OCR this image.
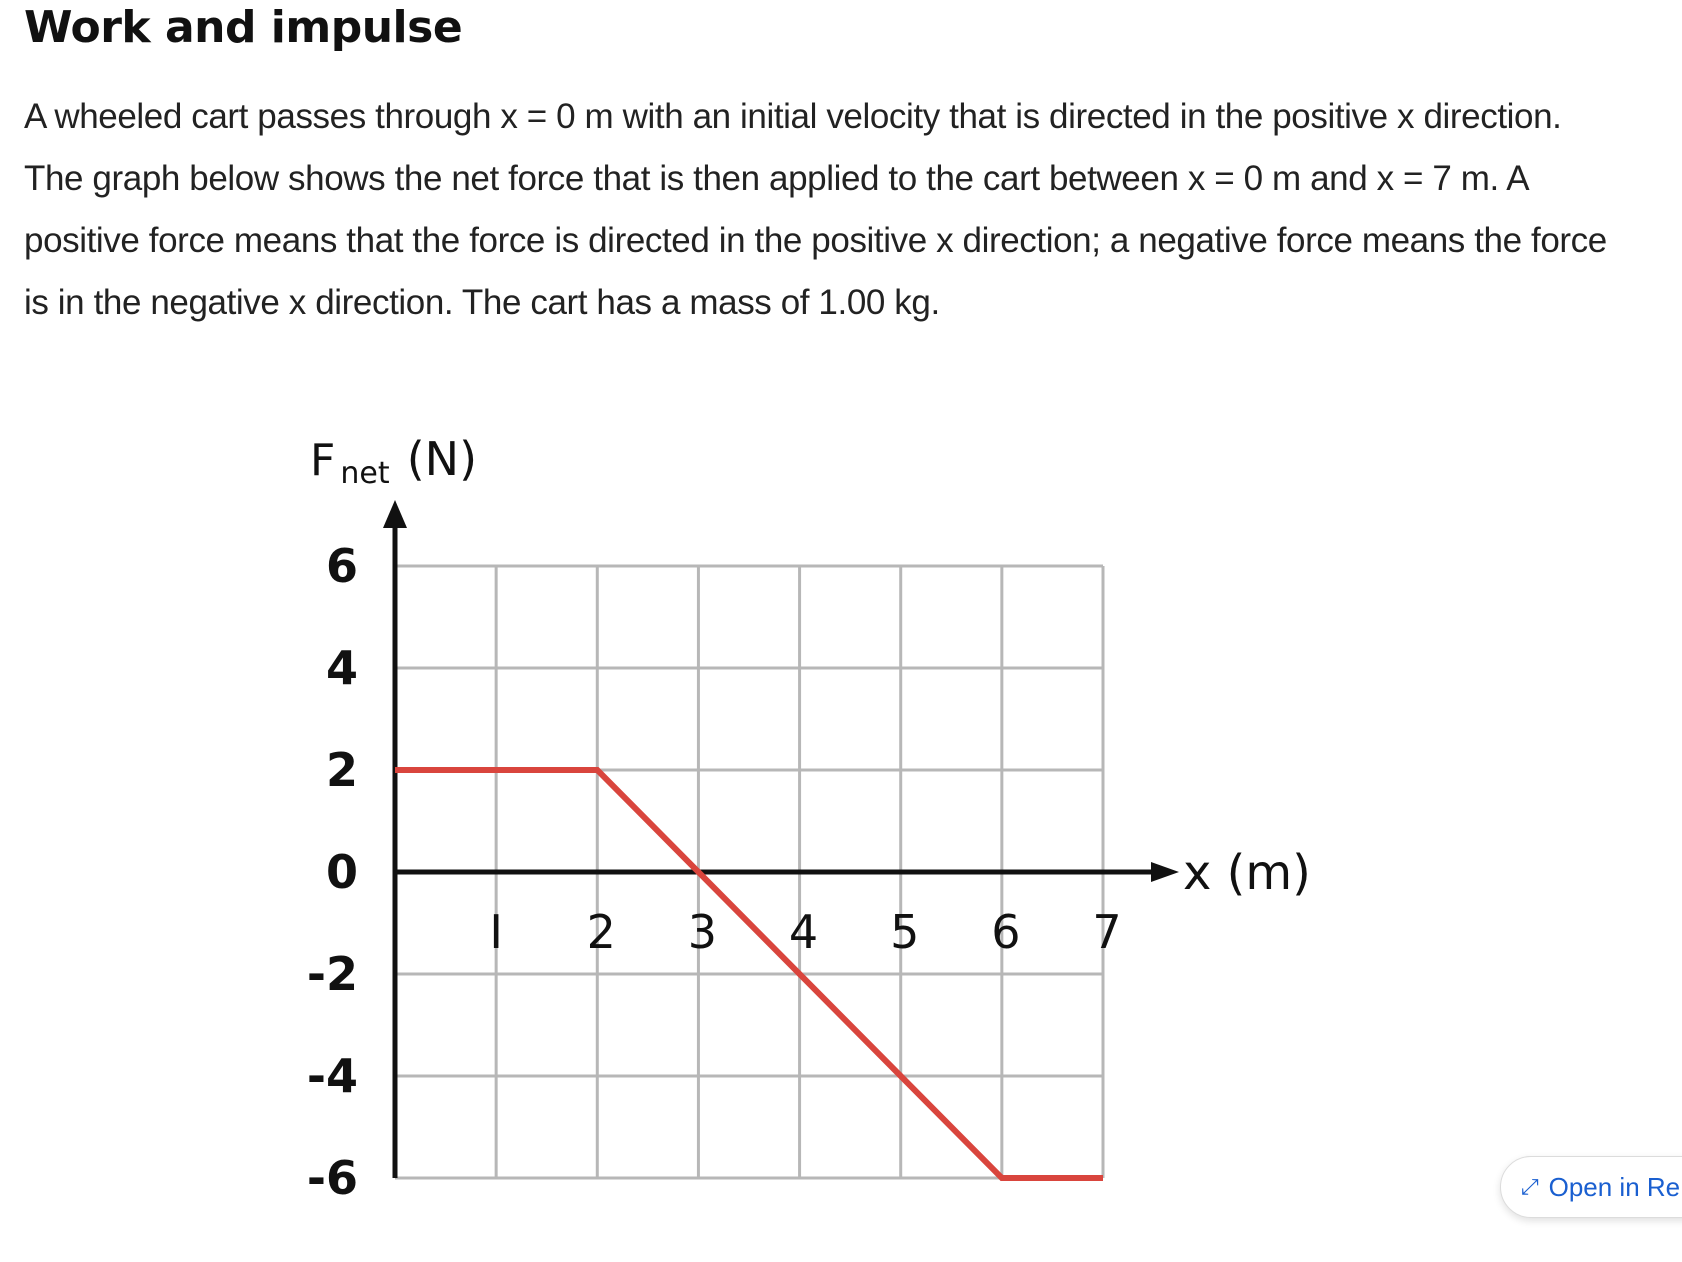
Work and impulse

A wheeled cart passes through x = 0 m with an initial velocity that is directed in the positive x direction.
The graph below shows the net force that is then applied to the cart between x = 0 m and x = 7 m. A
positive force means that the force is directed in the positive x direction; a negative force means the force
is in the negative x direction. The cart has a mass of 1.00 kg.

I 2 3 4 5 6 7
6
4
2
0
-2
-4
-6
F net (N)
x (m)
⤢ Open in Re
